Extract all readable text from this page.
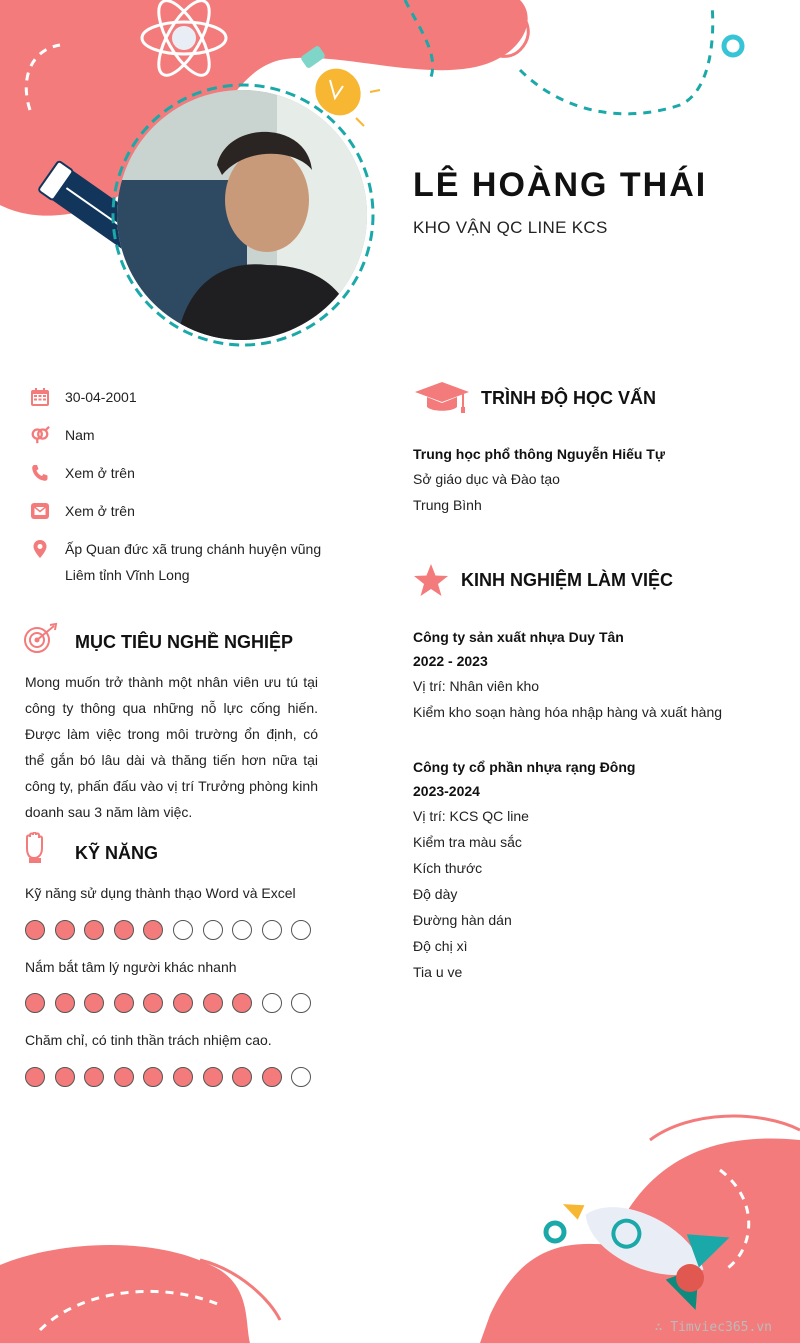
LÊ HOÀNG THÁI
KHO VẬN QC LINE KCS
30-04-2001
Nam
Xem ở trên
Xem ở trên
Ấp Quan đức xã trung chánh huyện vũng Liêm tỉnh Vĩnh Long
MỤC TIÊU NGHỀ NGHIỆP
Mong muốn trở thành một nhân viên ưu tú tại công ty thông qua những nỗ lực cống hiến. Được làm việc trong môi trường ổn định, có thể gắn bó lâu dài và thăng tiến hơn nữa tại công ty, phấn đấu vào vị trí Trưởng phòng kinh doanh sau 3 năm làm việc.
KỸ NĂNG
Kỹ năng sử dụng thành thạo Word và Excel
Nắm bắt tâm lý người khác nhanh
Chăm chỉ, có tinh thần trách nhiệm cao.
TRÌNH ĐỘ HỌC VẤN
Trung học phổ thông Nguyễn Hiếu Tự
Sở giáo dục và Đào tạo
Trung Bình
KINH NGHIỆM LÀM VIỆC
Công ty sản xuất nhựa Duy Tân
2022 - 2023
Vị trí: Nhân viên kho
Kiểm kho soạn hàng hóa nhập hàng và xuất hàng
Công ty cổ phần nhựa rạng Đông
2023-2024
Vị trí: KCS QC line
Kiểm tra màu sắc
Kích thước
Độ dày
Đường hàn dán
Độ chị xì
Tia u ve
∴ Timviec365.vn
